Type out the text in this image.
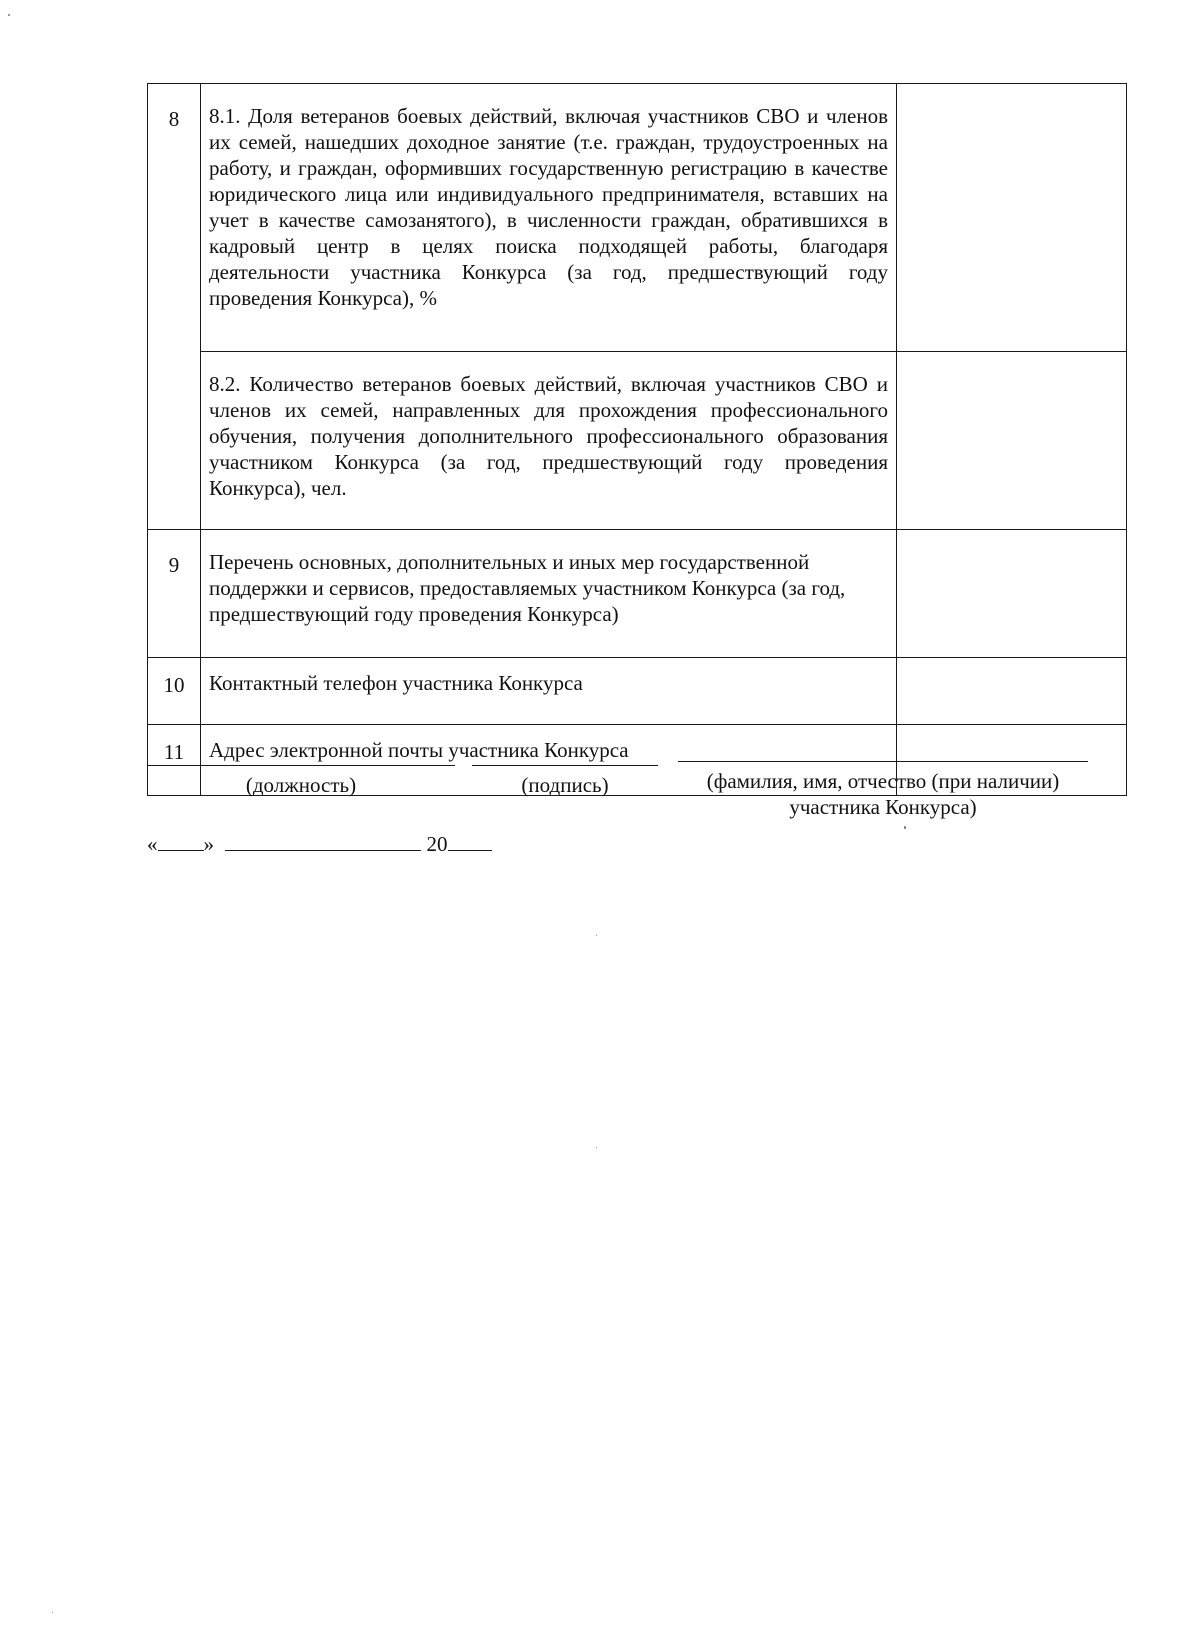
8	8.1. Доля ветеранов боевых действий, включая участников СВО и членов их семей, нашедших доходное занятие (т.е. граждан, трудоустроенных на работу, и граждан, оформивших государственную регистрацию в качестве юридического лица или индивидуального предпринимателя, вставших на учет в качестве самозанятого), в численности граждан, обратившихся в кадровый центр в целях поиска подходящей работы, благодаря деятельности участника Конкурса (за год, предшествующий году проведения Конкурса), %	
	8.2. Количество ветеранов боевых действий, включая участников СВО и членов их семей, направленных для прохождения профессионального обучения, получения дополнительного профессионального образования участником Конкурса (за год, предшествующий году проведения Конкурса), чел.	
9	Перечень основных, дополнительных и иных мер государственной поддержки и сервисов, предоставляемых участником Конкурса (за год, предшествующий году проведения Конкурса)	
10	Контактный телефон участника Конкурса	
11	Адрес электронной почты участника Конкурса	
(должность)	(подпись)	(фамилия, имя, отчество (при наличии)
участника Конкурса)
« »	20
